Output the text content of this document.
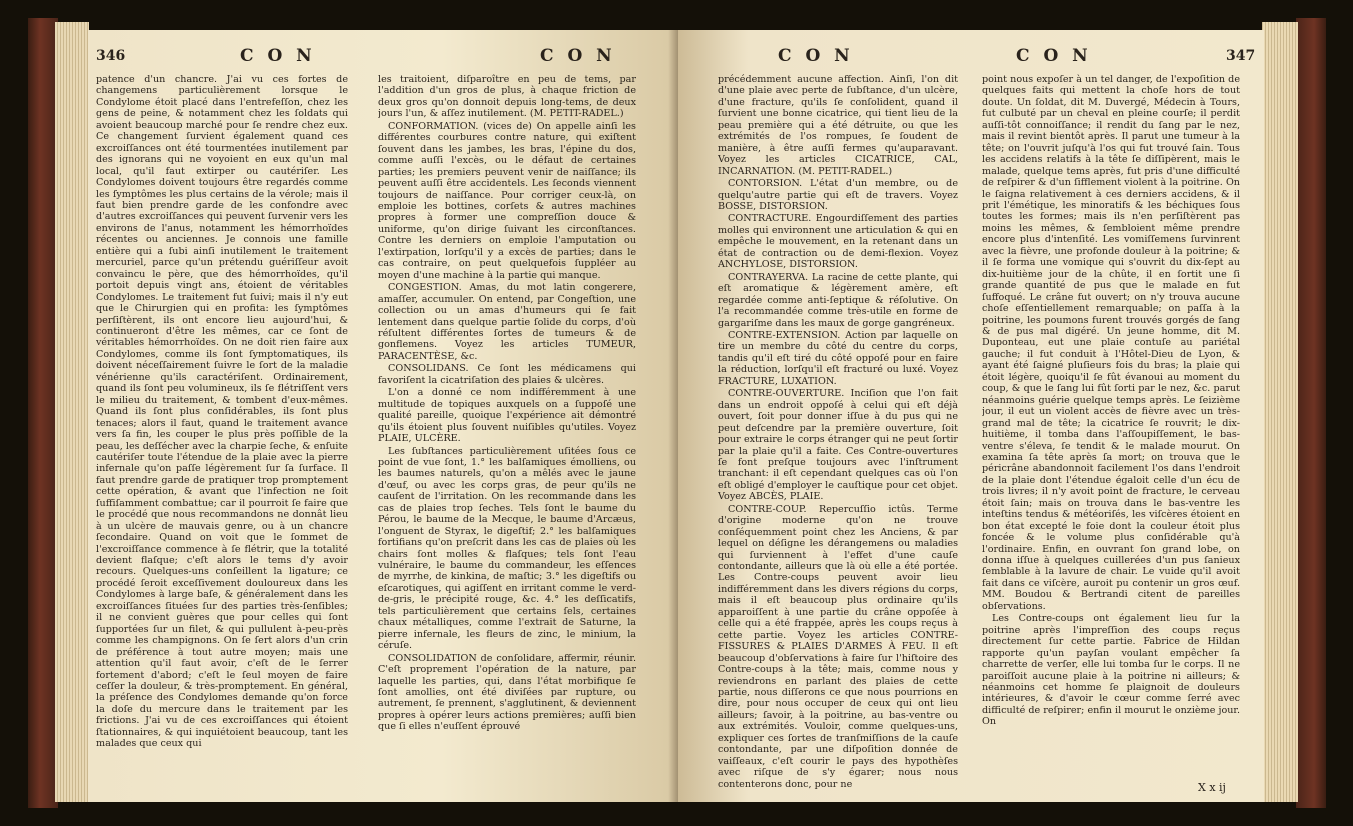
346	C O N	C O N

patence d'un chancre. J'ai vu ces fortes de changemens particulièrement lorsque le Condylome étoit placé dans l'entrefeſſon, chez les gens de peine, & notamment chez les ſoldats qui avoient beaucoup marché pour ſe rendre chez eux. Ce changement ſurvient également quand ces excroiſſances ont été tourmentées inutilement par des ignorans qui ne voyoient en eux qu'un mal local, qu'il faut extirper ou cautériſer. Les Condylomes doivent toujours être regardés comme les ſymptômes les plus certains de la vérole; mais il faut bien prendre garde de les confondre avec d'autres excroiſſances qui peuvent ſurvenir vers les environs de l'anus, notamment les hémorrhoïdes récentes ou anciennes. Je connois une famille entière qui a ſubi ainſi inutilement le traitement mercuriel, parce qu'un prétendu guériſſeur avoit convaincu le père, que des hémorrhoïdes, qu'il portoit depuis vingt ans, étoient de véritables Condylomes. Le traitement fut ſuivi; mais il n'y eut que le Chirurgien qui en profita: les ſymptômes perſiſtèrent, ils ont encore lieu aujourd'hui, & continueront d'être les mêmes, car ce ſont de véritables hémorrhoïdes. On ne doit rien faire aux Condylomes, comme ils ſont ſymptomatiques, ils doivent néceſſairement ſuivre le ſort de la maladie vénérienne qu'ils caractériſent. Ordinairement, quand ils ſont peu volumineux, ils ſe flétriſſent vers le milieu du traitement, & tombent d'eux-mêmes. Quand ils ſont plus conſidérables, ils ſont plus tenaces; alors il faut, quand le traitement avance vers ſa fin, les couper le plus près poſſible de la peau, les deſſécher avec la charpie ſeche, & enſuite cautériſer toute l'étendue de la plaie avec la pierre infernale qu'on paſſe légèrement ſur ſa ſurface. Il faut prendre garde de pratiquer trop promptement cette opération, & avant que l'infection ne ſoit ſuffiſamment combattue; car il pourroit ſe faire que le procédé que nous recommandons ne donnât lieu à un ulcère de mauvais genre, ou à un chancre ſecondaire. Quand on voit que le ſommet de l'excroiſſance commence à ſe flétrir, que la totalité devient flaſque; c'eſt alors le tems d'y avoir recours. Quelques-uns conſeillent la ligature; ce procédé ſeroit exceſſivement douloureux dans les Condylomes à large baſe, & généralement dans les excroiſſances ſituées ſur des parties très-ſenſibles; il ne convient guères que pour celles qui ſont ſupportées ſur un filet, & qui pullulent à-peu-près comme les champignons. On ſe ſert alors d'un crin de préférence à tout autre moyen; mais une attention qu'il faut avoir, c'eſt de le ſerrer fortement d'abord; c'eſt le ſeul moyen de faire ceſſer la douleur, & très-promptement. En général, la préſence des Condylomes demande qu'on force la doſe du mercure dans le traitement par les frictions. J'ai vu de ces excroiſſances qui étoient ſtationnaires, & qui inquiétoient beaucoup, tant les malades que ceux qui

les traitoient, diſparoître en peu de tems, par l'addition d'un gros de plus, à chaque friction de deux gros qu'on donnoit depuis long-tems, de deux jours l'un, & aſſez inutilement. (M. PETIT-RADEL.)

CONFORMATION. (vices de) On appelle ainſi les différentes courbures contre nature, qui exiſtent ſouvent dans les jambes, les bras, l'épine du dos, comme auſſi l'excès, ou le défaut de certaines parties; les premiers peuvent venir de naiſſance; ils peuvent auſſi être accidentels. Les ſeconds viennent toujours de naiſſance. Pour corriger ceux-là, on emploie les bottines, corſets & autres machines propres à former une compreſſion douce & uniforme, qu'on dirige ſuivant les circonſtances. Contre les derniers on emploie l'amputation ou l'extirpation, lorſqu'il y a excès de parties; dans le cas contraire, on peut quelquefois ſuppléer au moyen d'une machine à la partie qui manque.

CONGESTION. Amas, du mot latin congerere, amaſſer, accumuler. On entend, par Congeſtion, une collection ou un amas d'humeurs qui ſe fait lentement dans quelque partie ſolide du corps, d'où réſultent différentes ſortes de tumeurs & de gonflemens. Voyez les articles TUMEUR, PARACENTÈSE, &c.

CONSOLIDANS. Ce ſont les médicamens qui favoriſent la cicatriſation des plaies & ulcères.

L'on a donné ce nom indifféremment à une multitude de topiques auxquels on a ſuppoſé une qualité pareille, quoique l'expérience ait démontré qu'ils étoient plus ſouvent nuiſibles qu'utiles. Voyez PLAIE, ULCÈRE.

Les ſubſtances particulièrement uſitées ſous ce point de vue ſont, 1.° les balſamiques émolliens, ou les baumes naturels, qu'on a mêlés avec le jaune d'œuf, ou avec les corps gras, de peur qu'ils ne cauſent de l'irritation. On les recommande dans les cas de plaies trop ſeches. Tels ſont le baume du Pérou, le baume de la Mecque, le baume d'Arcæus, l'onguent de Styrax, le digeſtif; 2.° les balſamiques fortifians qu'on preſcrit dans les cas de plaies où les chairs ſont molles & flaſques; tels ſont l'eau vulnéraire, le baume du commandeur, les eſſences de myrrhe, de kinkina, de maſtic; 3.° les digeſtifs ou eſcarotiques, qui agiſſent en irritant comme le verd-de-gris, le précipité rouge, &c. 4.° les deſſicatifs, tels particulièrement que certains ſels, certaines chaux métalliques, comme l'extrait de Saturne, la pierre infernale, les fleurs de zinc, le minium, la céruſe.

CONSOLIDATION de conſolidare, affermir, réunir. C'eſt proprement l'opération de la nature, par laquelle les parties, qui, dans l'état morbifique ſe ſont amollies, ont été diviſées par rupture, ou autrement, ſe prennent, s'agglutinent, & deviennent propres à opérer leurs actions premières; auſſi bien que ſi elles n'euſſent éprouvé

C O N	C O N	347

précédemment aucune affection. Ainſi, l'on dit d'une plaie avec perte de ſubſtance, d'un ulcère, d'une fracture, qu'ils ſe conſolident, quand il ſurvient une bonne cicatrice, qui tient lieu de la peau première qui a été détruite, ou que les extrémités de l'os rompues, ſe ſoudent de manière, à être auſſi fermes qu'auparavant. Voyez les articles CICATRICE, CAL, INCARNATION. (M. PETIT-RADEL.)

CONTORSION. L'état d'un membre, ou de quelqu'autre partie qui eſt de travers. Voyez BOSSE, DISTORSION.

CONTRACTURE. Engourdiſſement des parties molles qui environnent une articulation & qui en empêche le mouvement, en la retenant dans un état de contraction ou de demi-flexion. Voyez ANCHYLOSE, DISTORSION.

CONTRAYERVA. La racine de cette plante, qui eſt aromatique & légèrement amère, eſt regardée comme anti-ſeptique & réſolutive. On l'a recommandée comme très-utile en forme de gargariſme dans les maux de gorge gangréneux.

CONTRE-EXTENSION. Action par laquelle on tire un membre du côté du centre du corps, tandis qu'il eſt tiré du côté oppoſé pour en faire la réduction, lorſqu'il eſt fracturé ou luxé. Voyez FRACTURE, LUXATION.

CONTRE-OUVERTURE. Inciſion que l'on fait dans un endroit oppoſé à celui qui eſt déjà ouvert, ſoit pour donner iſſue à du pus qui ne peut deſcendre par la première ouverture, ſoit pour extraire le corps étranger qui ne peut ſortir par la plaie qu'il a faite. Ces Contre-ouvertures ſe font preſque toujours avec l'inſtrument tranchant: il eſt cependant quelques cas où l'on eſt obligé d'employer le cauſtique pour cet objet. Voyez ABCÈS, PLAIE.

CONTRE-COUP. Repercuſſio ictûs. Terme d'origine moderne qu'on ne trouve conſéquemment point chez les Anciens, & par lequel on déſigne les dérangemens ou maladies qui ſurviennent à l'effet d'une cauſe contondante, ailleurs que là où elle a été portée. Les Contre-coups peuvent avoir lieu indifféremment dans les divers régions du corps, mais il eſt beaucoup plus ordinaire qu'ils apparoiſſent à une partie du crâne oppoſée à celle qui a été frappée, après les coups reçus à cette partie. Voyez les articles CONTRE-FISSURES & PLAIES D'ARMES À FEU. Il eſt beaucoup d'obſervations à faire ſur l'hiſtoire des Contre-coups à la tête; mais, comme nous y reviendrons en parlant des plaies de cette partie, nous diſſerons ce que nous pourrions en dire, pour nous occuper de ceux qui ont lieu ailleurs; ſavoir, à la poitrine, au bas-ventre ou aux extrémités. Vouloir, comme quelques-uns, expliquer ces ſortes de tranſmiſſions de la cauſe contondante, par une diſpoſition donnée de vaiſſeaux, c'eſt courir le pays des hypothèſes avec riſque de s'y égarer; nous nous contenterons donc, pour ne

point nous expoſer à un tel danger, de l'expoſition de quelques faits qui mettent la choſe hors de tout doute. Un ſoldat, dit M. Duvergé, Médecin à Tours, fut culbuté par un cheval en pleine courſe; il perdit auſſi-tôt connoiſſance; il rendit du ſang par le nez, mais il revint bientôt après. Il parut une tumeur à la tête; on l'ouvrit juſqu'à l'os qui fut trouvé ſain. Tous les accidens relatifs à la tête ſe diſſipèrent, mais le malade, quelque tems après, fut pris d'une difficulté de reſpirer & d'un ſifflement violent à la poitrine. On le ſaigna relativement à ces derniers accidens, & il prit l'émétique, les minoratifs & les béchiques ſous toutes les formes; mais ils n'en perſiſtèrent pas moins les mêmes, & ſembloient même prendre encore plus d'intenſité. Les vomiſſemens ſurvinrent avec la fièvre, une profonde douleur à la poitrine; & il ſe forma une vomique qui s'ouvrit du dix-ſept au dix-huitième jour de la chûte, il en ſortit une ſi grande quantité de pus que le malade en fut ſuffoqué. Le crâne fut ouvert; on n'y trouva aucune choſe eſſentiellement remarquable; on paſſa à la poitrine, les poumons furent trouvés gorgés de ſang & de pus mal digéré. Un jeune homme, dit M. Duponteau, eut une plaie contuſe au pariétal gauche; il fut conduit à l'Hôtel-Dieu de Lyon, & ayant été ſaigné pluſieurs fois du bras; la plaie qui étoit légère, quoiqu'il ſe fût évanoui au moment du coup, & que le ſang lui fût ſorti par le nez, &c. parut néanmoins guérie quelque temps après. Le ſeizième jour, il eut un violent accès de fièvre avec un très-grand mal de tête; la cicatrice ſe rouvrit; le dix-huitième, il tomba dans l'aſſoupiſſement, le bas-ventre s'éleva, ſe tendit & le malade mourut. On examina ſa tête après ſa mort; on trouva que le péricrâne abandonnoit facilement l'os dans l'endroit de la plaie dont l'étendue égaloit celle d'un écu de trois livres; il n'y avoit point de fracture, le cerveau étoit ſain; mais on trouva dans le bas-ventre les inteſtins tendus & météoriſés, les viſcères étoient en bon état excepté le foie dont la couleur étoit plus foncée & le volume plus conſidérable qu'à l'ordinaire. Enfin, en ouvrant ſon grand lobe, on donna iſſue à quelques cuillerées d'un pus ſanieux ſemblable à la lavure de chair. Le vuide qu'il avoit fait dans ce viſcère, auroit pu contenir un gros œuf. MM. Boudou & Bertrandi citent de pareilles obſervations.

Les Contre-coups ont également lieu ſur la poitrine après l'impreſſion des coups reçus directement ſur cette partie. Fabrice de Hildan rapporte qu'un payſan voulant empêcher ſa charrette de verſer, elle lui tomba ſur le corps. Il ne paroiſſoit aucune plaie à la poitrine ni ailleurs; & néanmoins cet homme ſe plaignoit de douleurs intérieures, & d'avoir le cœur comme ſerré avec difficulté de reſpirer; enfin il mourut le onzième jour. On

X x ij
